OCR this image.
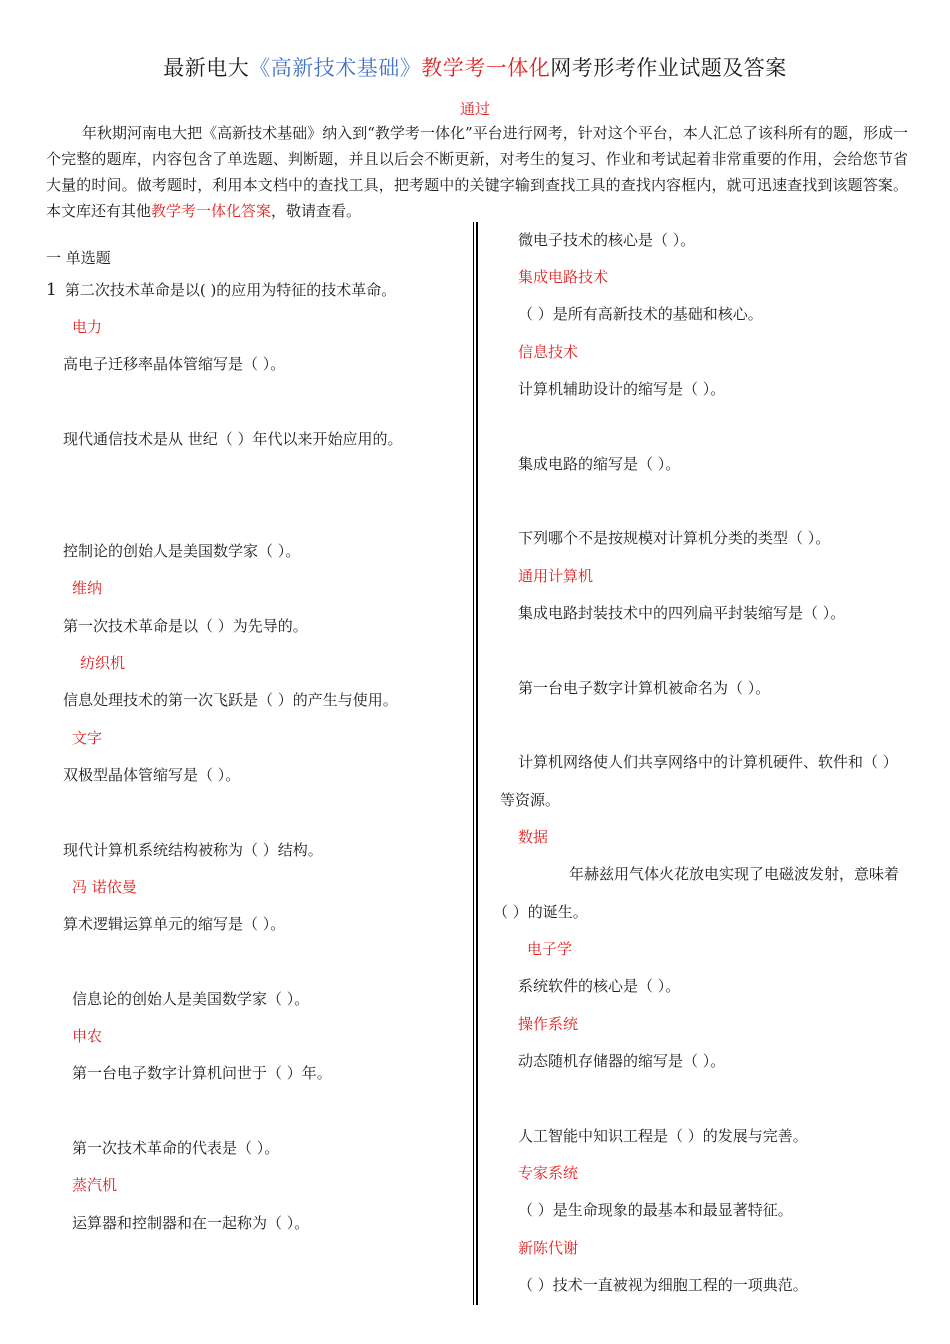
最新电大《高新技术基础》教学考一体化网考形考作业试题及答案
通过
年秋期河南电大把《高新技术基础》纳入到“教学考一体化”平台进行网考，针对这个平台，本人汇总了该科所有的题，形成一个完整的题库，内容包含了单选题、判断题，并且以后会不断更新，对考生的复习、作业和考试起着非常重要的作用，会给您节省大量的时间。做考题时，利用本文档中的查找工具，把考题中的关键字输到查找工具的查找内容框内，就可迅速查找到该题答案。本文库还有其他教学考一体化答案，敬请查看。
一 单选题
1 第二次技术革命是以( )的应用为特征的技术革命。
电力
高电子迁移率晶体管缩写是（ ）。
现代通信技术是从 世纪（ ）年代以来开始应用的。
控制论的创始人是美国数学家（ ）。
维纳
第一次技术革命是以（ ）为先导的。
纺织机
信息处理技术的第一次飞跃是（ ）的产生与使用。
文字
双极型晶体管缩写是（ ）。
现代计算机系统结构被称为（ ）结构。
冯 诺依曼
算术逻辑运算单元的缩写是（ ）。
信息论的创始人是美国数学家（ ）。
申农
第一台电子数字计算机问世于（ ）年。
第一次技术革命的代表是（ ）。
蒸汽机
运算器和控制器和在一起称为（ ）。
微电子技术的核心是（ ）。
集成电路技术
（ ）是所有高新技术的基础和核心。
信息技术
计算机辅助设计的缩写是（ ）。
集成电路的缩写是（ ）。
下列哪个不是按规模对计算机分类的类型（ ）。
通用计算机
集成电路封装技术中的四列扁平封装缩写是（ ）。
第一台电子数字计算机被命名为（ ）。
计算机网络使人们共享网络中的计算机硬件、软件和（ ）等资源。
数据
年赫兹用气体火花放电实现了电磁波发射，意味着（ ）的诞生。
电子学
系统软件的核心是（ ）。
操作系统
动态随机存储器的缩写是（ ）。
人工智能中知识工程是（ ）的发展与完善。
专家系统
（ ）是生命现象的最基本和最显著特征。
新陈代谢
（ ）技术一直被视为细胞工程的一项典范。
